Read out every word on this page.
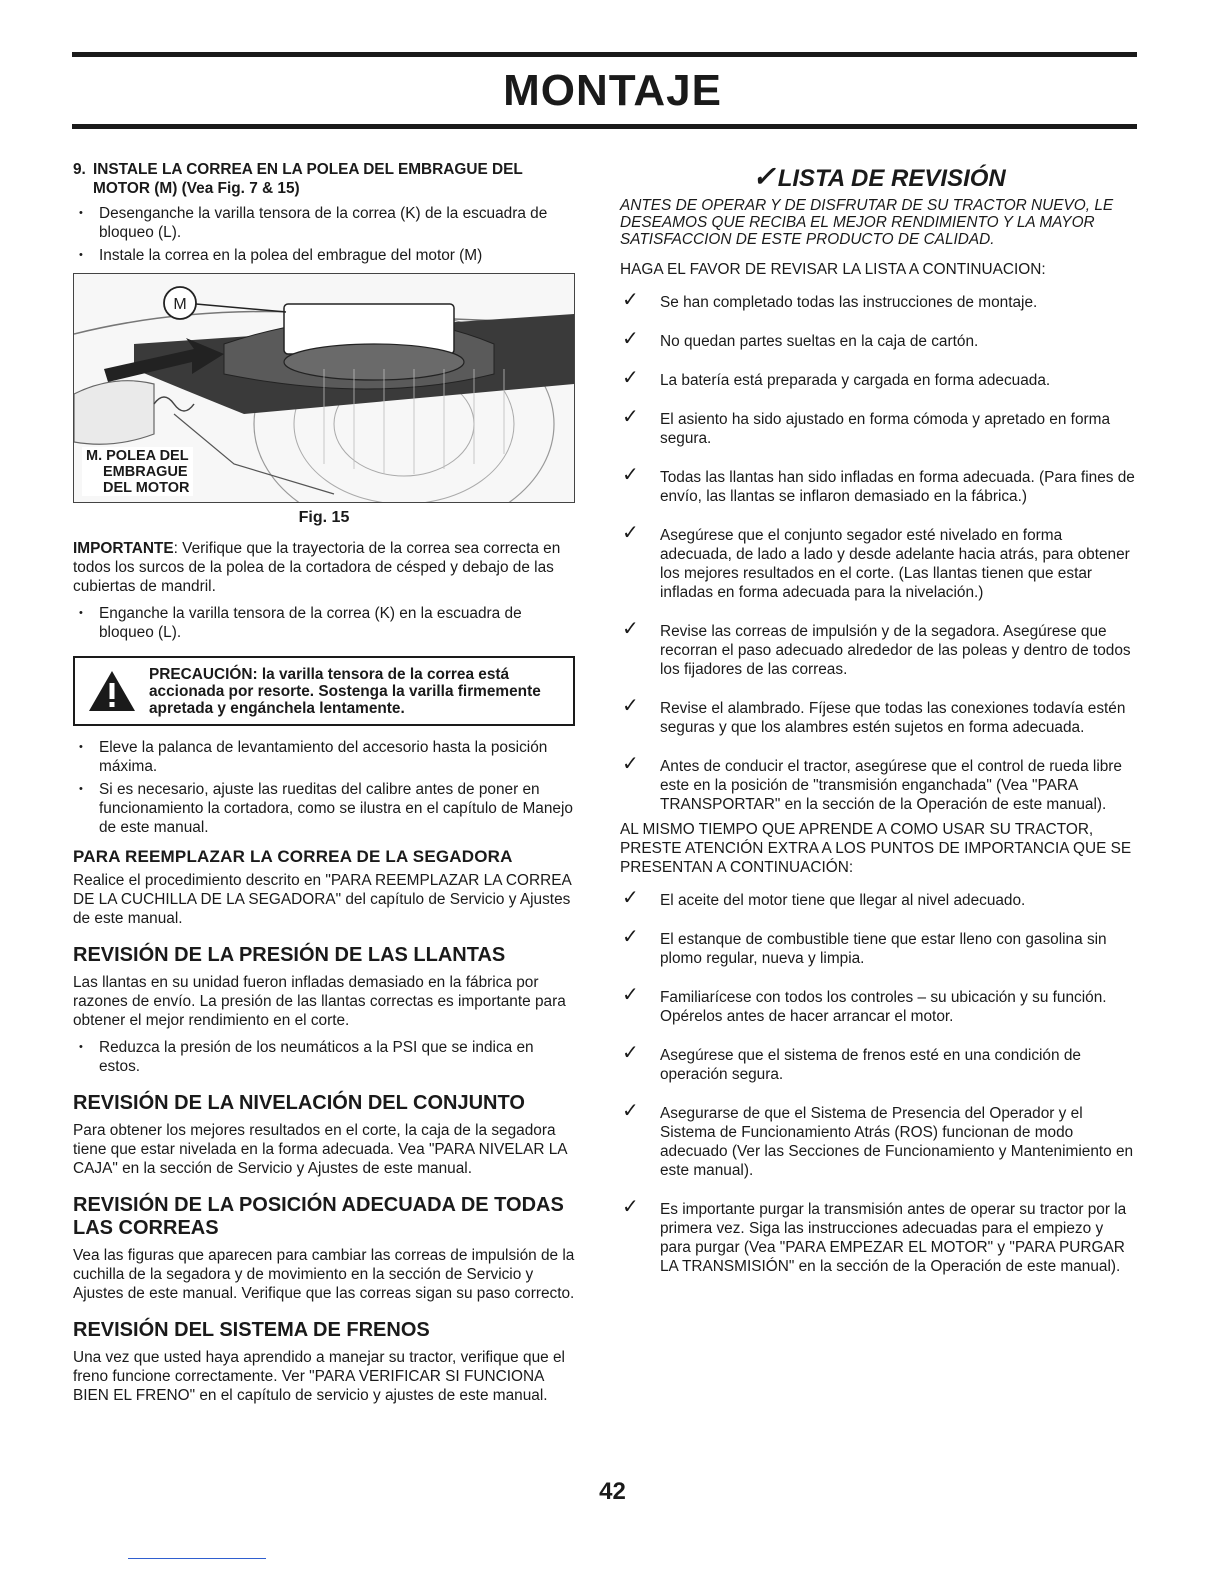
MONTAJE
9. INSTALE LA CORREA EN LA POLEA DEL EMBRAGUE DEL MOTOR (M) (Vea Fig. 7 & 15)
• Desenganche la varilla tensora de la correa (K) de la escuadra de bloqueo (L).
• Instale la correa en la polea del embrague del motor (M)
M
M. POLEA DEL
EMBRAGUE
DEL MOTOR
Fig. 15

IMPORTANTE: Verifique que la trayectoria de la correa sea correcta en todos los surcos de la polea de la cortadora de césped y debajo de las cubiertas de mandril.

• Enganche la varilla tensora de la correa (K) en la escuadra de bloqueo (L).
PRECAUCIÓN: la varilla tensora de la correa está accionada por resorte. Sostenga la varilla firmemente apretada y engánchela lentamente.
• Eleve la palanca de levantamiento del accesorio hasta la posición máxima.
• Si es necesario, ajuste las rueditas del calibre antes de poner en funcionamiento la cortadora, como se ilustra en el capítulo de Manejo de este manual.
PARA REEMPLAZAR LA CORREA DE LA SEGADORA

Realice el procedimiento descrito en "PARA REEMPLAZAR LA CORREA DE LA CUCHILLA DE LA SEGADORA" del capítulo de Servicio y Ajustes de este manual.

REVISIÓN DE LA PRESIÓN DE LAS LLANTAS

Las llantas en su unidad fueron infladas demasiado en la fábrica por razones de envío. La presión de las llantas correctas es importante para obtener el mejor rendimiento en el corte.

• Reduzca la presión de los neumáticos a la PSI que se indica en estos.
REVISIÓN DE LA NIVELACIÓN DEL CONJUNTO

Para obtener los mejores resultados en el corte, la caja de la segadora tiene que estar nivelada en la forma adecuada. Vea "PARA NIVELAR LA CAJA" en la sección de Servicio y Ajustes de este manual.

REVISIÓN DE LA POSICIÓN ADECUADA DE TODAS LAS CORREAS

Vea las figuras que aparecen para cambiar las correas de impulsión de la cuchilla de la segadora y de movimiento en la sección de Servicio y Ajustes de este manual. Verifique que las correas sigan su paso correcto.

REVISIÓN DEL SISTEMA DE FRENOS

Una vez que usted haya aprendido a manejar su tractor, verifique que el freno funcione correctamente. Ver "PARA VERIFICAR SI FUNCIONA BIEN EL FRENO" en el capítulo de servicio y ajustes de este manual.

✓LISTA DE REVISIÓN

ANTES DE OPERAR Y DE DISFRUTAR DE SU TRACTOR NUEVO, LE DESEAMOS QUE RECIBA EL MEJOR RENDIMIENTO Y LA MAYOR SATISFACCION DE ESTE PRODUCTO DE CALIDAD.

HAGA EL FAVOR DE REVISAR LA LISTA A CONTINUACION:

✓ Se han completado todas las instrucciones de montaje.
✓ No quedan partes sueltas en la caja de cartón.
✓ La batería está preparada y cargada en forma adecuada.
✓ El asiento ha sido ajustado en forma cómoda y apretado en forma segura.
✓ Todas las llantas han sido infladas en forma adecuada. (Para fines de envío, las llantas se inflaron demasiado en la fábrica.)
✓ Asegúrese que el conjunto segador esté nivelado en forma adecuada, de lado a lado y desde adelante hacia atrás, para obtener los mejores resultados en el corte. (Las llantas tienen que estar infladas en forma adecuada para la nivelación.)
✓ Revise las correas de impulsión y de la segadora. Asegúrese que recorran el paso adecuado alrededor de las poleas y dentro de todos los fijadores de las correas.
✓ Revise el alambrado. Fíjese que todas las conexiones todavía estén seguras y que los alambres estén sujetos en forma adecuada.
✓ Antes de conducir el tractor, asegúrese que el control de rueda libre este en la posición de "transmisión enganchada" (Vea "PARA TRANSPORTAR" en la sección de la Operación de este manual).

AL MISMO TIEMPO QUE APRENDE A COMO USAR SU TRACTOR, PRESTE ATENCIÓN EXTRA A LOS PUNTOS DE IMPORTANCIA QUE SE PRESENTAN A CONTINUACIÓN:

✓ El aceite del motor tiene que llegar al nivel adecuado.
✓ El estanque de combustible tiene que estar lleno con gasolina sin plomo regular, nueva y limpia.
✓ Familiarícese con todos los controles – su ubicación y su función. Opérelos antes de hacer arrancar el motor.
✓ Asegúrese que el sistema de frenos esté en una condición de operación segura.
✓ Asegurarse de que el Sistema de Presencia del Operador y el Sistema de Funcionamiento Atrás (ROS) funcionan de modo adecuado (Ver las Secciones de Funcionamiento y Mantenimiento en este manual).
✓ Es importante purgar la transmisión antes de operar su tractor por la primera vez. Siga las instrucciones adecuadas para el empiezo y para purgar (Vea "PARA EMPEZAR EL MOTOR" y "PARA PURGAR LA TRANSMISIÓN" en la sección de la Operación de este manual).
42
